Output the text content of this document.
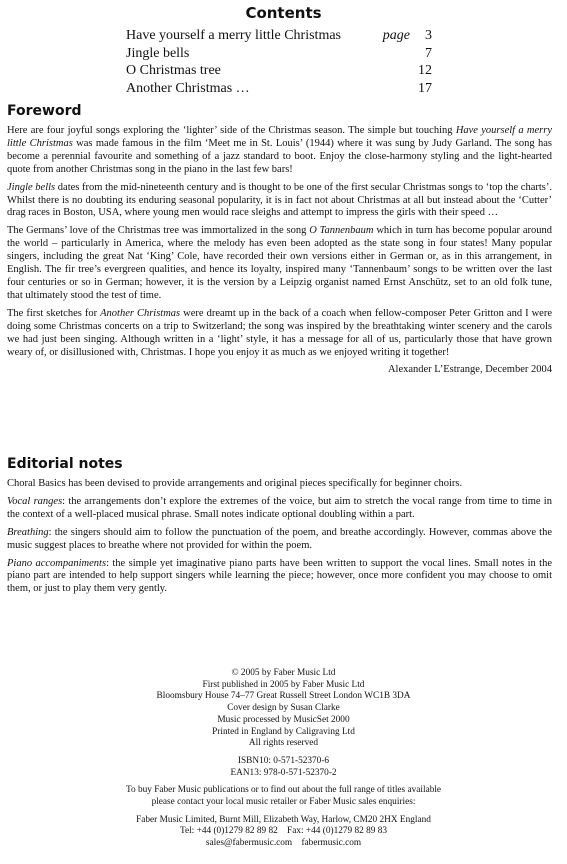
Contents
Have yourself a merry little Christmas	page 3
Jingle bells	7
O Christmas tree	12
Another Christmas …	17
Foreword

Here are four joyful songs exploring the ‘lighter’ side of the Christmas season. The simple but touching Have yourself a merry little Christmas was made famous in the film ‘Meet me in St. Louis’ (1944) where it was sung by Judy Garland. The song has become a perennial favourite and something of a jazz standard to boot. Enjoy the close-harmony styling and the light-hearted quote from another Christmas song in the piano in the last few bars!

Jingle bells dates from the mid-nineteenth century and is thought to be one of the first secular Christmas songs to ‘top the charts’. Whilst there is no doubting its enduring seasonal popularity, it is in fact not about Christmas at all but instead about the ‘Cutter’ drag races in Boston, USA, where young men would race sleighs and attempt to impress the girls with their speed …

The Germans’ love of the Christmas tree was immortalized in the song O Tannenbaum which in turn has become popular around the world – particularly in America, where the melody has even been adopted as the state song in four states! Many popular singers, including the great Nat ‘King’ Cole, have recorded their own versions either in German or, as in this arrangement, in English. The fir tree’s evergreen qualities, and hence its loyalty, inspired many ‘Tannenbaum’ songs to be written over the last four centuries or so in German; however, it is the version by a Leipzig organist named Ernst Anschütz, set to an old folk tune, that ultimately stood the test of time.

The first sketches for Another Christmas were dreamt up in the back of a coach when fellow-composer Peter Gritton and I were doing some Christmas concerts on a trip to Switzerland; the song was inspired by the breathtaking winter scenery and the carols we had just been singing. Although written in a ‘light’ style, it has a message for all of us, particularly those that have grown weary of, or disillusioned with, Christmas. I hope you enjoy it as much as we enjoyed writing it together!

Alexander L’Estrange, December 2004

Editorial notes

Choral Basics has been devised to provide arrangements and original pieces specifically for beginner choirs.

Vocal ranges: the arrangements don’t explore the extremes of the voice, but aim to stretch the vocal range from time to time in the context of a well-placed musical phrase. Small notes indicate optional doubling within a part.

Breathing: the singers should aim to follow the punctuation of the poem, and breathe accordingly. However, commas above the music suggest places to breathe where not provided for within the poem.

Piano accompaniments: the simple yet imaginative piano parts have been written to support the vocal lines. Small notes in the piano part are intended to help support singers while learning the piece; however, once more confident you may choose to omit them, or just to play them very gently.

© 2005 by Faber Music Ltd
First published in 2005 by Faber Music Ltd
Bloomsbury House 74–77 Great Russell Street London WC1B 3DA
Cover design by Susan Clarke
Music processed by MusicSet 2000
Printed in England by Caligraving Ltd
All rights reserved
ISBN10: 0-571-52370-6
EAN13: 978-0-571-52370-2
To buy Faber Music publications or to find out about the full range of titles available
please contact your local music retailer or Faber Music sales enquiries:
Faber Music Limited, Burnt Mill, Elizabeth Way, Harlow, CM20 2HX England
Tel: +44 (0)1279 82 89 82    Fax: +44 (0)1279 82 89 83
sales@fabermusic.com    fabermusic.com
